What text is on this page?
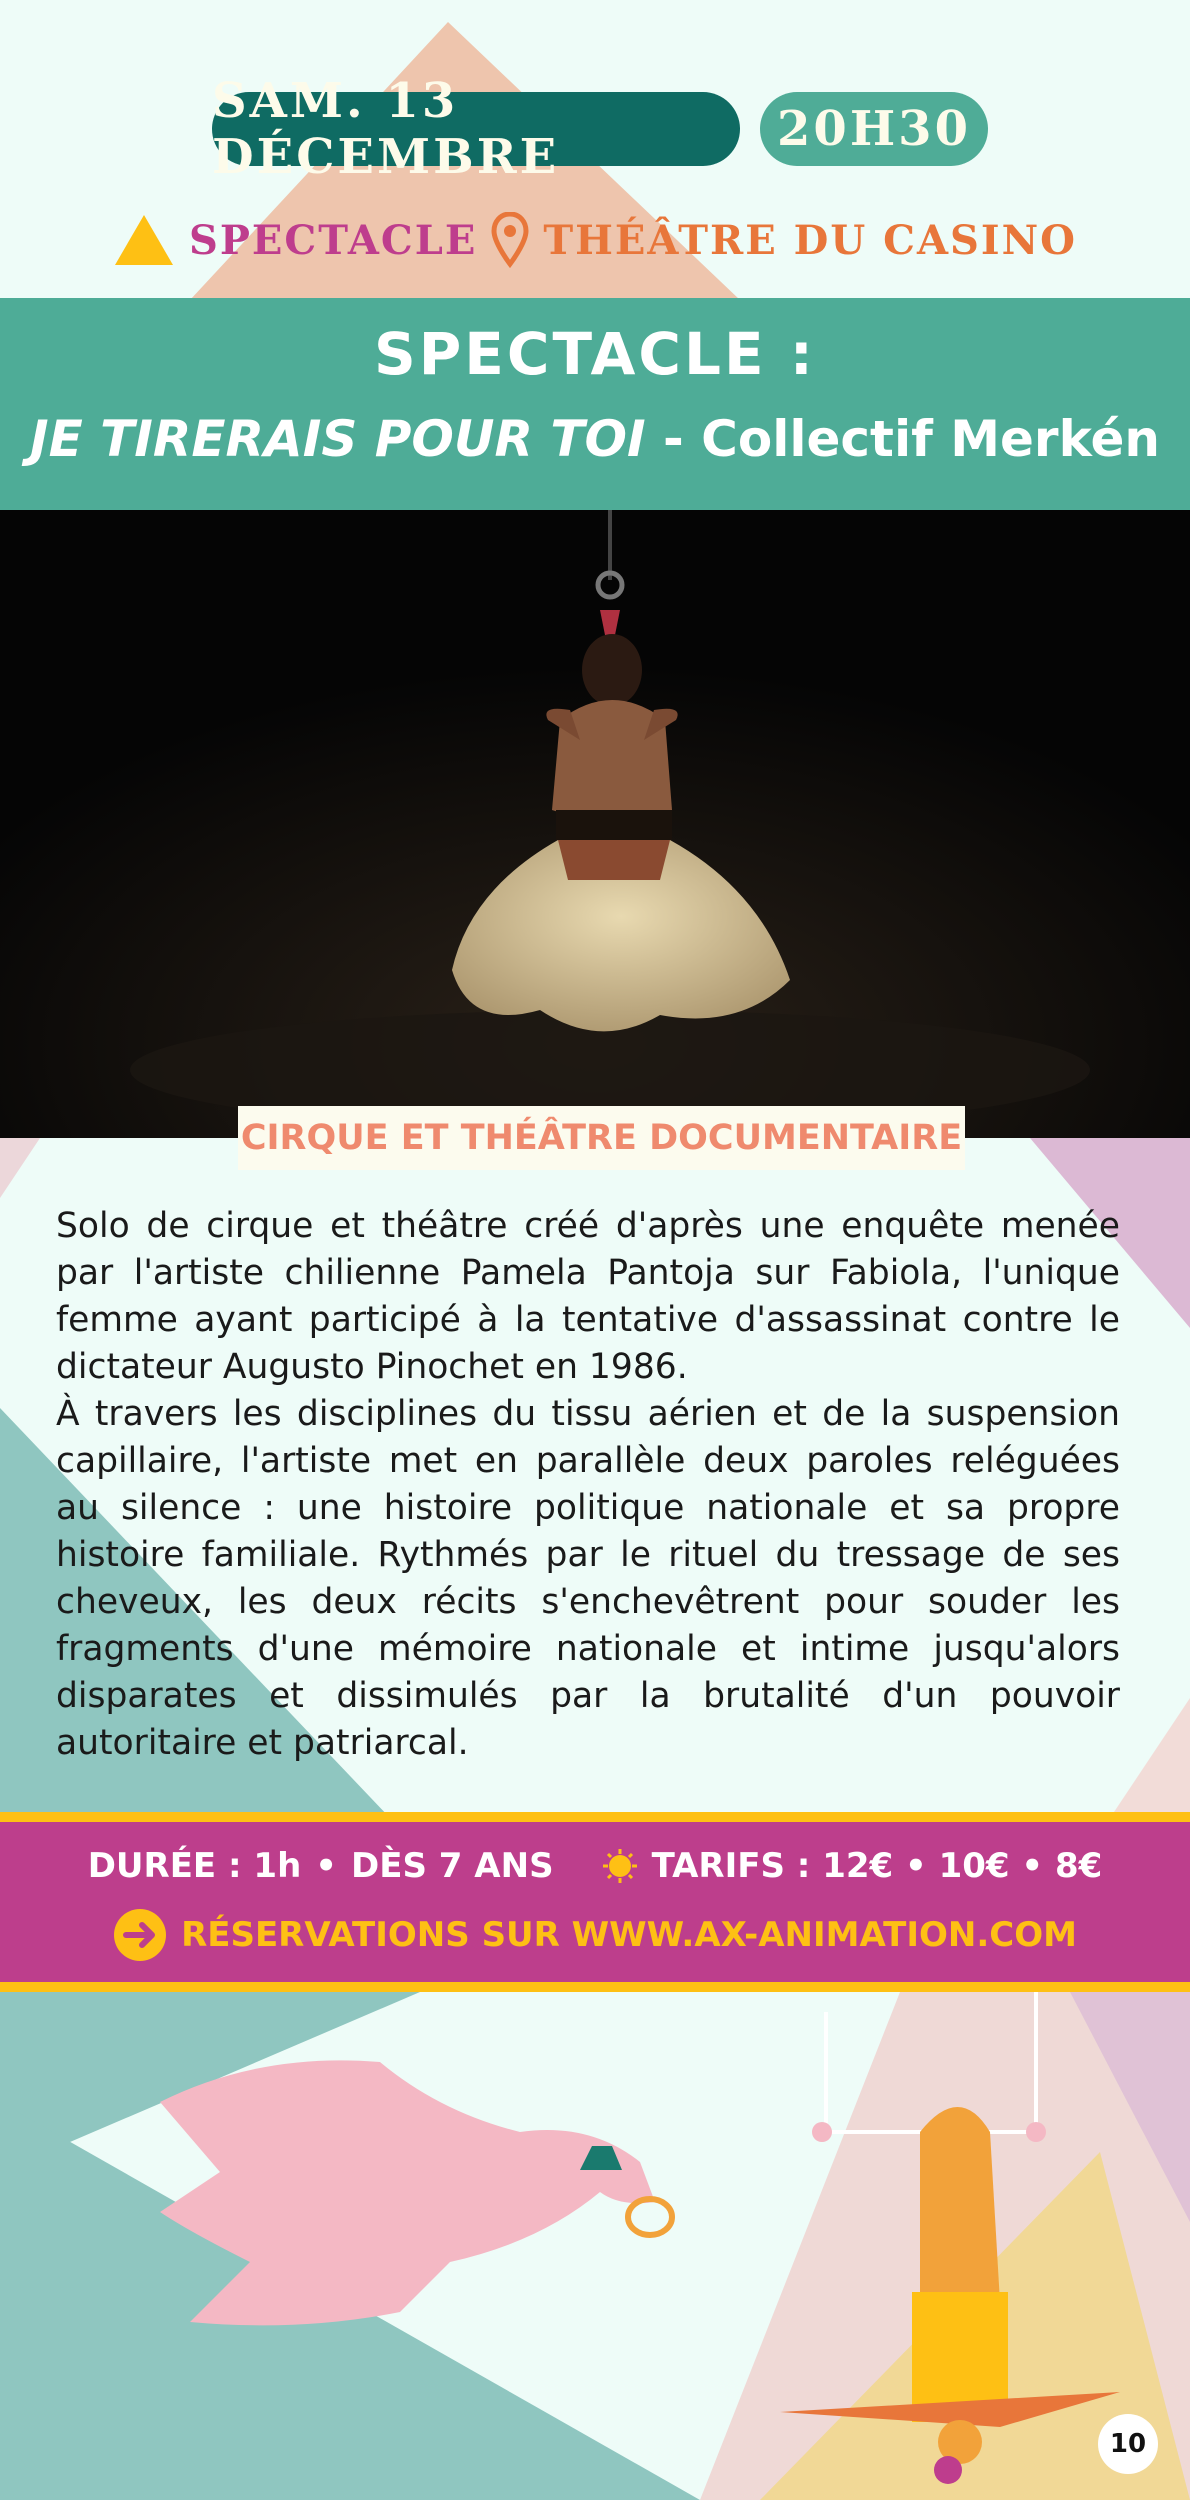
SAM. 13 DÉCEMBRE	20H30
SPECTACLE THÉÂTRE DU CASINO
SPECTACLE :
JE TIRERAIS POUR TOI - Collectif Merkén
CIRQUE ET THÉÂTRE DOCUMENTAIRE

Solo de cirque et théâtre créé d'après une enquête menée par l'artiste chilienne Pamela Pantoja sur Fabiola, l'unique femme ayant participé à la tentative d'assassinat contre le dictateur Augusto Pinochet en 1986.

À travers les disciplines du tissu aérien et de la suspension capillaire, l'artiste met en parallèle deux paroles reléguées au silence : une histoire politique nationale et sa propre histoire familiale. Rythmés par le rituel du tressage de ses cheveux, les deux récits s'enchevêtrent pour souder les fragments d'une mémoire nationale et intime jusqu'alors disparates et dissimulés par la brutalité d'un pouvoir autoritaire et patriarcal.

DURÉE : 1h • DÈS 7 ANS	TARIFS : 12€ • 10€ • 8€
RÉSERVATIONS SUR WWW.AX-ANIMATION.COM
10
